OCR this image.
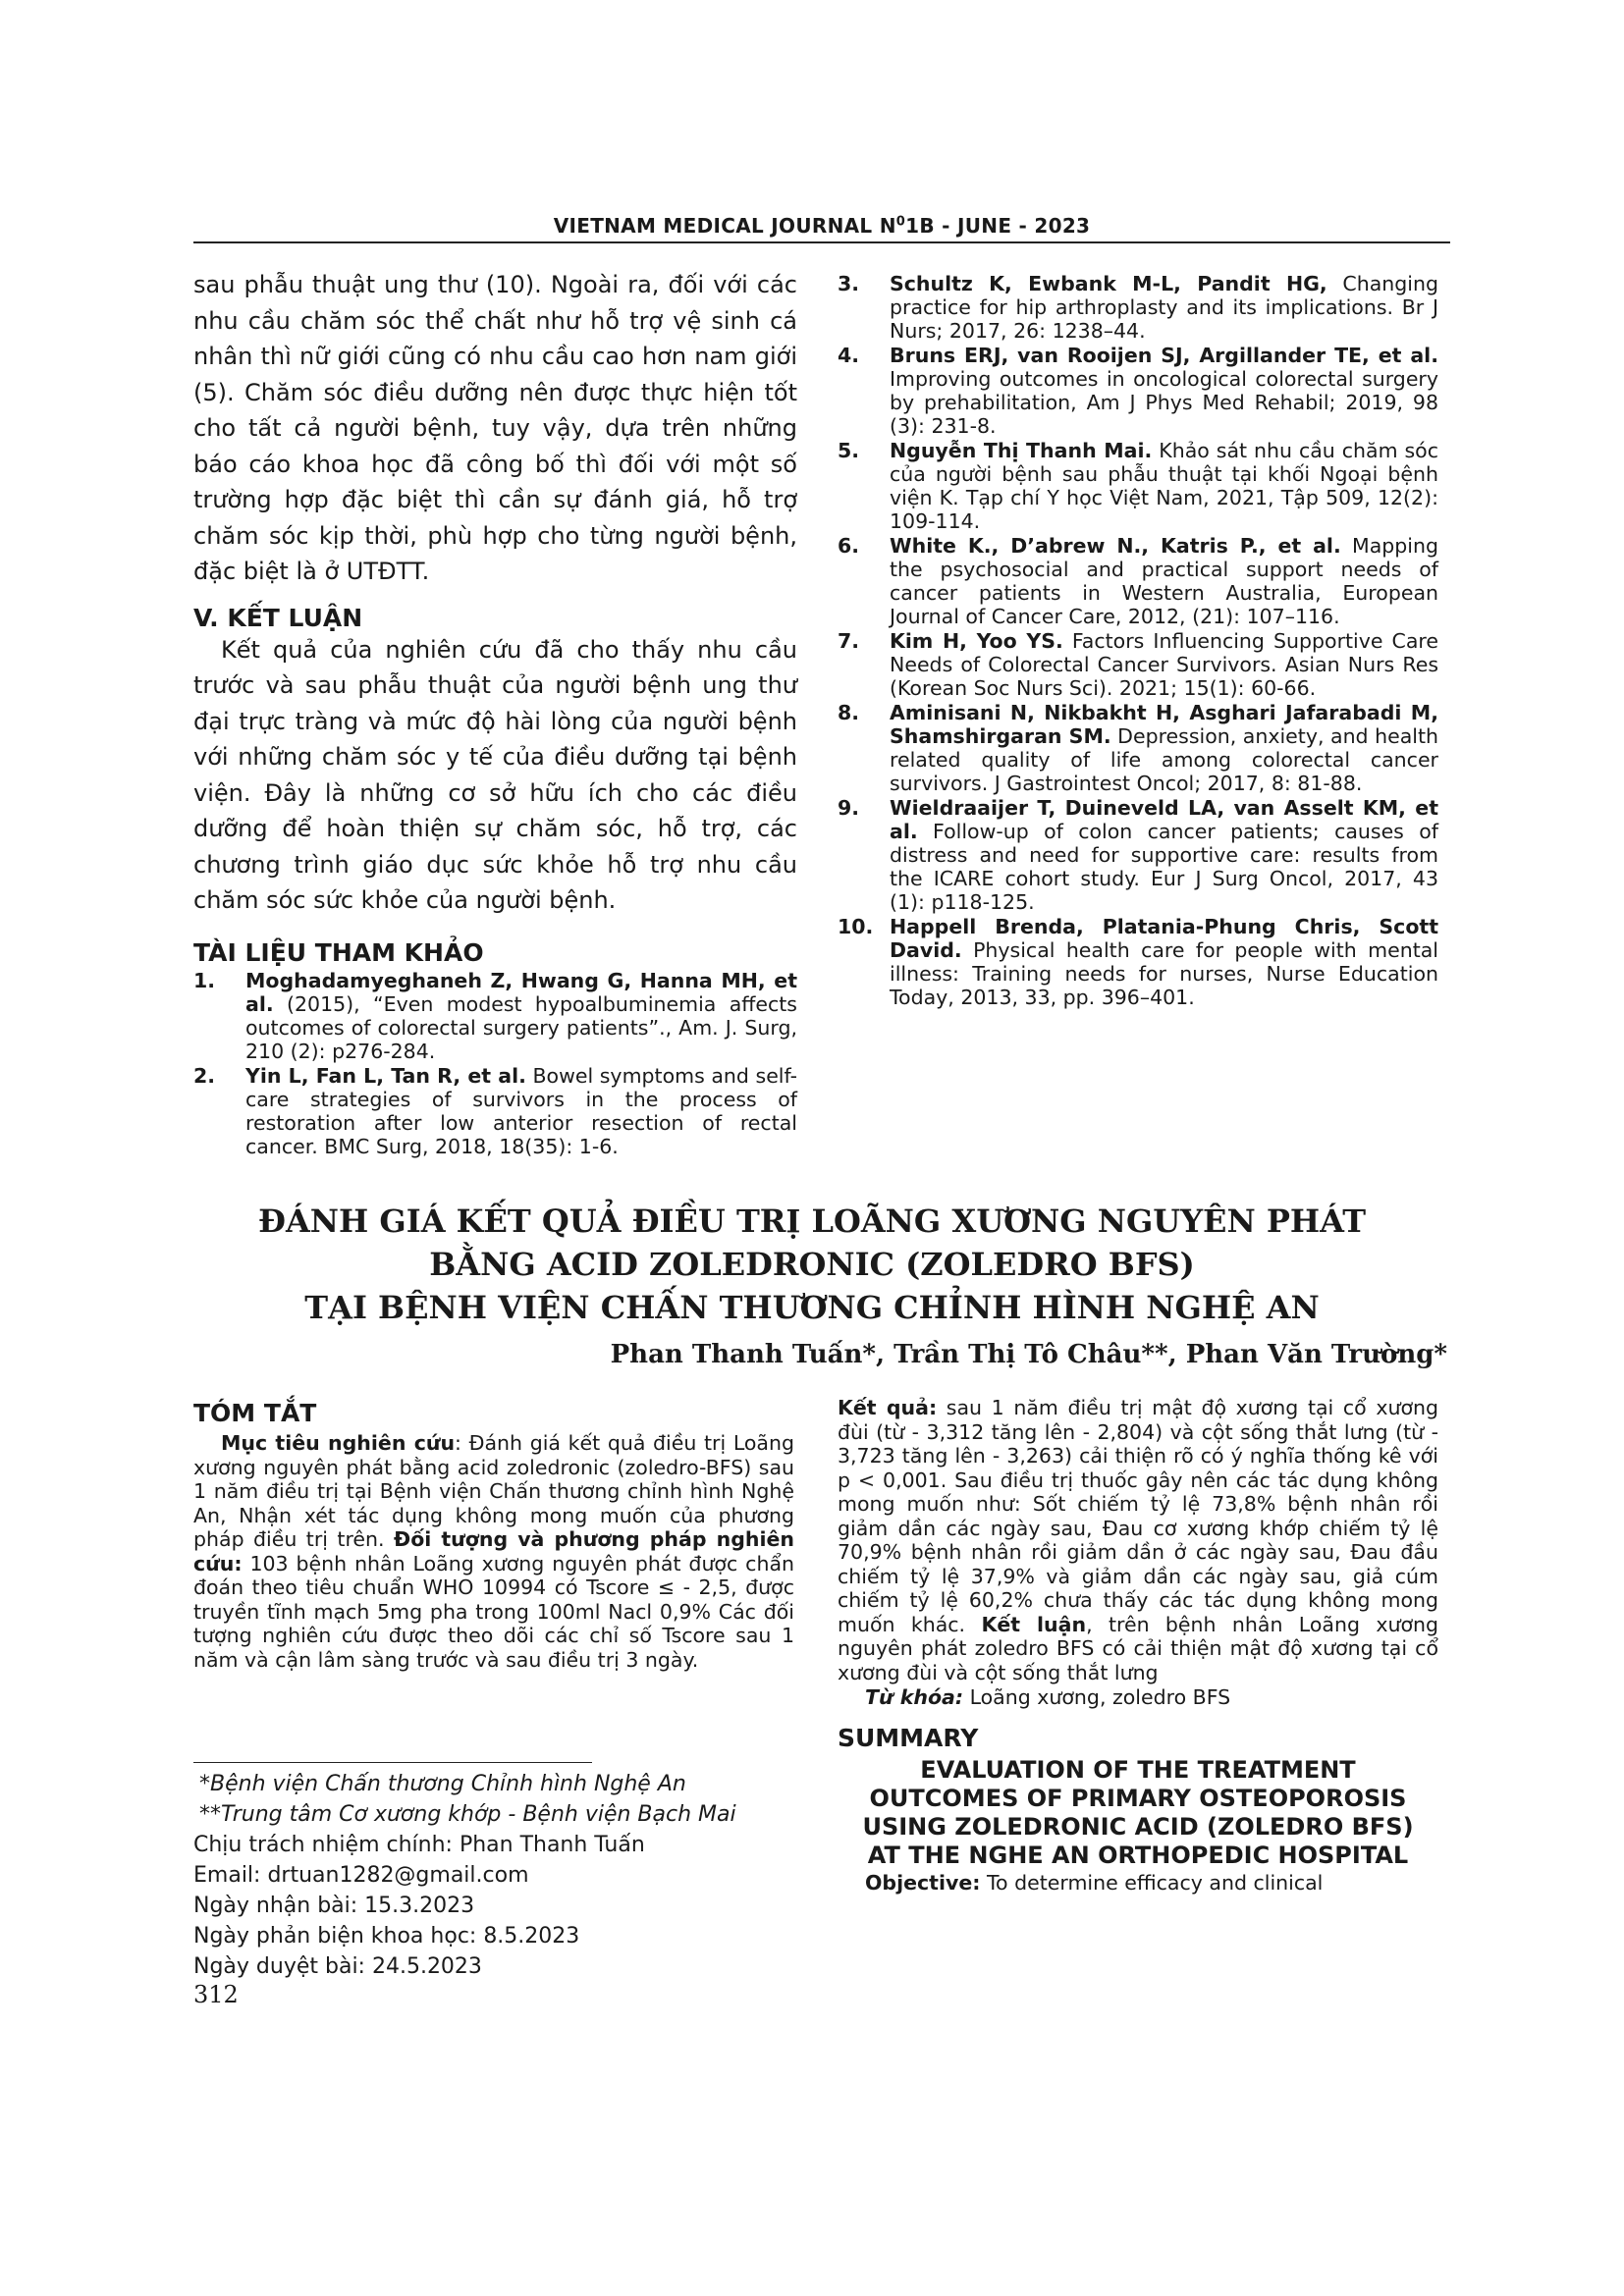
VIETNAM MEDICAL JOURNAL $N^01B$ - JUNE - 2023

sau phẫu thuật ung thư (10). Ngoài ra, đối với các nhu cầu chăm sóc thể chất như hỗ trợ vệ sinh cá nhân thì nữ giới cũng có nhu cầu cao hơn nam giới (5). Chăm sóc điều dưỡng nên được thực hiện tốt cho tất cả người bệnh, tuy vậy, dựa trên những báo cáo khoa học đã công bố thì đối với một số trường hợp đặc biệt thì cần sự đánh giá, hỗ trợ chăm sóc kịp thời, phù hợp cho từng người bệnh, đặc biệt là ở UTĐTT.

V. KẾT LUẬN

Kết quả của nghiên cứu đã cho thấy nhu cầu trước và sau phẫu thuật của người bệnh ung thư đại trực tràng và mức độ hài lòng của người bệnh với những chăm sóc y tế của điều dưỡng tại bệnh viện. Đây là những cơ sở hữu ích cho các điều dưỡng để hoàn thiện sự chăm sóc, hỗ trợ, các chương trình giáo dục sức khỏe hỗ trợ nhu cầu chăm sóc sức khỏe của người bệnh.

TÀI LIỆU THAM KHẢO

1. Moghadamyeghaneh Z, Hwang G, Hanna MH, et al. (2015), “Even modest hypoalbuminemia affects outcomes of colorectal surgery patients”., Am. J. Surg, 210 (2): p276-284.
2. Yin L, Fan L, Tan R, et al. Bowel symptoms and self-care strategies of survivors in the process of restoration after low anterior resection of rectal cancer. BMC Surg, 2018, 18(35): 1-6.
3. Schultz K, Ewbank M-L, Pandit HG, Changing practice for hip arthroplasty and its implications. Br J Nurs; 2017, 26: 1238–44.
4. Bruns ERJ, van Rooijen SJ, Argillander TE, et al. Improving outcomes in oncological colorectal surgery by prehabilitation, Am J Phys Med Rehabil; 2019, 98 (3): 231-8.
5. Nguyễn Thị Thanh Mai. Khảo sát nhu cầu chăm sóc của người bệnh sau phẫu thuật tại khối Ngoại bệnh viện K. Tạp chí Y học Việt Nam, 2021, Tập 509, 12(2): 109-114.
6. White K., D’abrew N., Katris P., et al. Mapping the psychosocial and practical support needs of cancer patients in Western Australia, European Journal of Cancer Care, 2012, (21): 107–116.
7. Kim H, Yoo YS. Factors Influencing Supportive Care Needs of Colorectal Cancer Survivors. Asian Nurs Res (Korean Soc Nurs Sci). 2021; 15(1): 60-66.
8. Aminisani N, Nikbakht H, Asghari Jafarabadi M, Shamshirgaran SM. Depression, anxiety, and health related quality of life among colorectal cancer survivors. J Gastrointest Oncol; 2017, 8: 81-88.
9. Wieldraaijer T, Duineveld LA, van Asselt KM, et al. Follow-up of colon cancer patients; causes of distress and need for supportive care: results from the ICARE cohort study. Eur J Surg Oncol, 2017, 43 (1): p118-125.
10. Happell Brenda, Platania-Phung Chris, Scott David. Physical health care for people with mental illness: Training needs for nurses, Nurse Education Today, 2013, 33, pp. 396–401.
ĐÁNH GIÁ KẾT QUẢ ĐIỀU TRỊ LOÃNG XƯƠNG NGUYÊN PHÁT
BẰNG ACID ZOLEDRONIC (ZOLEDRO BFS)
TẠI BỆNH VIỆN CHẤN THƯƠNG CHỈNH HÌNH NGHỆ AN
Phan Thanh Tuấn*, Trần Thị Tô Châu**, Phan Văn Trường*

TÓM TẮT

Mục tiêu nghiên cứu: Đánh giá kết quả điều trị Loãng xương nguyên phát bằng acid zoledronic (zoledro-BFS) sau 1 năm điều trị tại Bệnh viện Chấn thương chỉnh hình Nghệ An, Nhận xét tác dụng không mong muốn của phương pháp điều trị trên. Đối tượng và phương pháp nghiên cứu: 103 bệnh nhân Loãng xương nguyên phát được chẩn đoán theo tiêu chuẩn WHO 10994 có Tscore ≤ - 2,5, được truyền tĩnh mạch 5mg pha trong 100ml Nacl 0,9% Các đối tượng nghiên cứu được theo dõi các chỉ số Tscore sau 1 năm và cận lâm sàng trước và sau điều trị 3 ngày.

*Bệnh viện Chấn thương Chỉnh hình Nghệ An

**Trung tâm Cơ xương khớp - Bệnh viện Bạch Mai

Chịu trách nhiệm chính: Phan Thanh Tuấn

Email: drtuan1282@gmail.com

Ngày nhận bài: 15.3.2023

Ngày phản biện khoa học: 8.5.2023

Ngày duyệt bài: 24.5.2023

Kết quả: sau 1 năm điều trị mật độ xương tại cổ xương đùi (từ - 3,312 tăng lên - 2,804) và cột sống thắt lưng (từ - 3,723 tăng lên - 3,263) cải thiện rõ có ý nghĩa thống kê với p < 0,001. Sau điều trị thuốc gây nên các tác dụng không mong muốn như: Sốt chiếm tỷ lệ 73,8% bệnh nhân rồi giảm dần các ngày sau, Đau cơ xương khớp chiếm tỷ lệ 70,9% bệnh nhân rồi giảm dần ở các ngày sau, Đau đầu chiếm tỷ lệ 37,9% và giảm dần các ngày sau, giả cúm chiếm tỷ lệ 60,2% chưa thấy các tác dụng không mong muốn khác. Kết luận, trên bệnh nhân Loãng xương nguyên phát zoledro BFS có cải thiện mật độ xương tại cổ xương đùi và cột sống thắt lưng

Từ khóa: Loãng xương, zoledro BFS

SUMMARY

EVALUATION OF THE TREATMENT

OUTCOMES OF PRIMARY OSTEOPOROSIS

USING ZOLEDRONIC ACID (ZOLEDRO BFS)

AT THE NGHE AN ORTHOPEDIC HOSPITAL

Objective: To determine efficacy and clinical

312
